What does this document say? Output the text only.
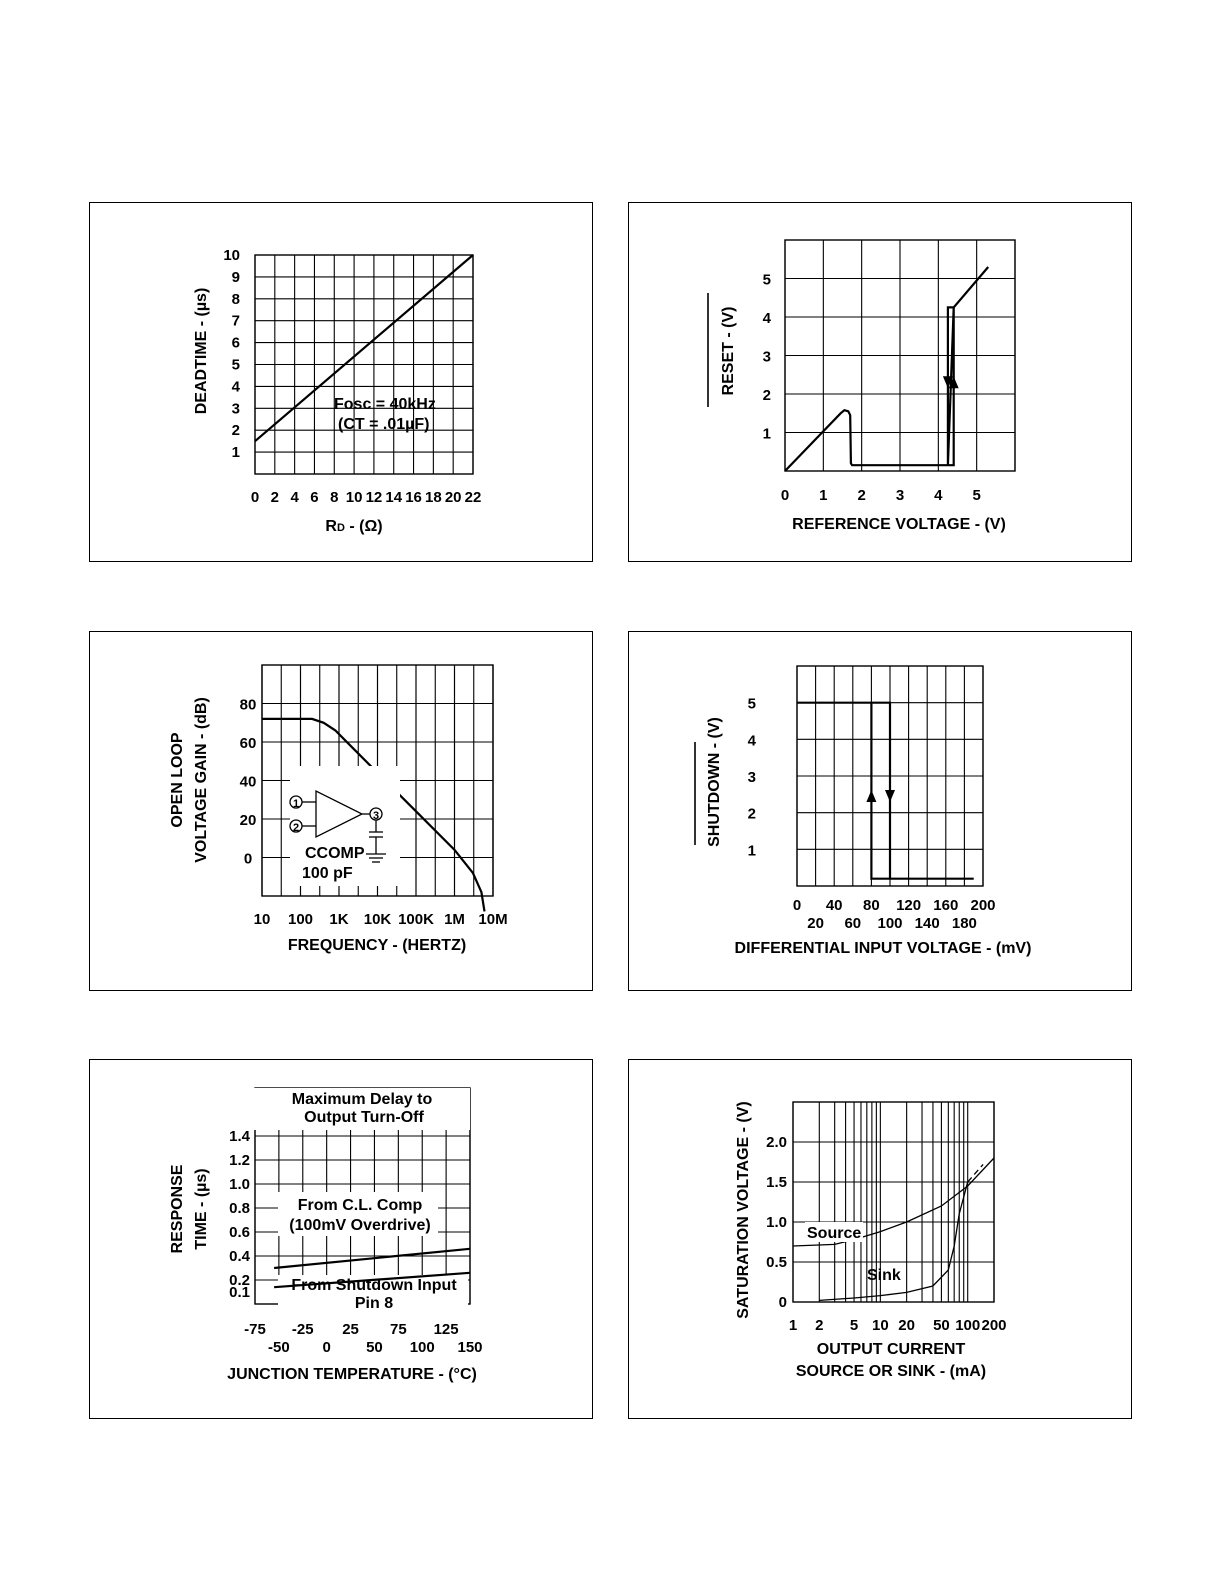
DEADTIME - (µs)
1
2
3
4
5
6
7
8
9
10
0 2 4 6 8 10 12 14 16 18 20 22
Fosc = 40kHz
(CT = .01µF)
RD - (Ω)
RESET - (V)
1
2
3
4
5
0 1 2 3 4 5
REFERENCE VOLTAGE - (V)
OPEN LOOP VOLTAGE GAIN - (dB) 0
20
40
60
80
10 100 1K 10K 100K 1M 10M
1
2
3
CCOMP
100 pF
FREQUENCY - (HERTZ)
SHUTDOWN - (V)
1
2
3
4
5
0 40 80 120 160 200
20 60 100 140 180
DIFFERENTIAL INPUT VOLTAGE - (mV)
RESPONSE TIME - (µs)
0.1
0.2
0.4
0.6
0.8
1.0
1.2
1.4
-75 -25 25 75 125
-50 0 50 100 150
Maximum Delay to
Output Turn-Off
From C.L. Comp
(100mV Overdrive)
From Shutdown Input
Pin 8
JUNCTION TEMPERATURE - (°C)
SATURATION VOLTAGE - (V) 0
0.5
1.0
1.5
2.0
1 2 5 10 20 50 100 200
Source
Sink
OUTPUT CURRENT
SOURCE OR SINK - (mA)
